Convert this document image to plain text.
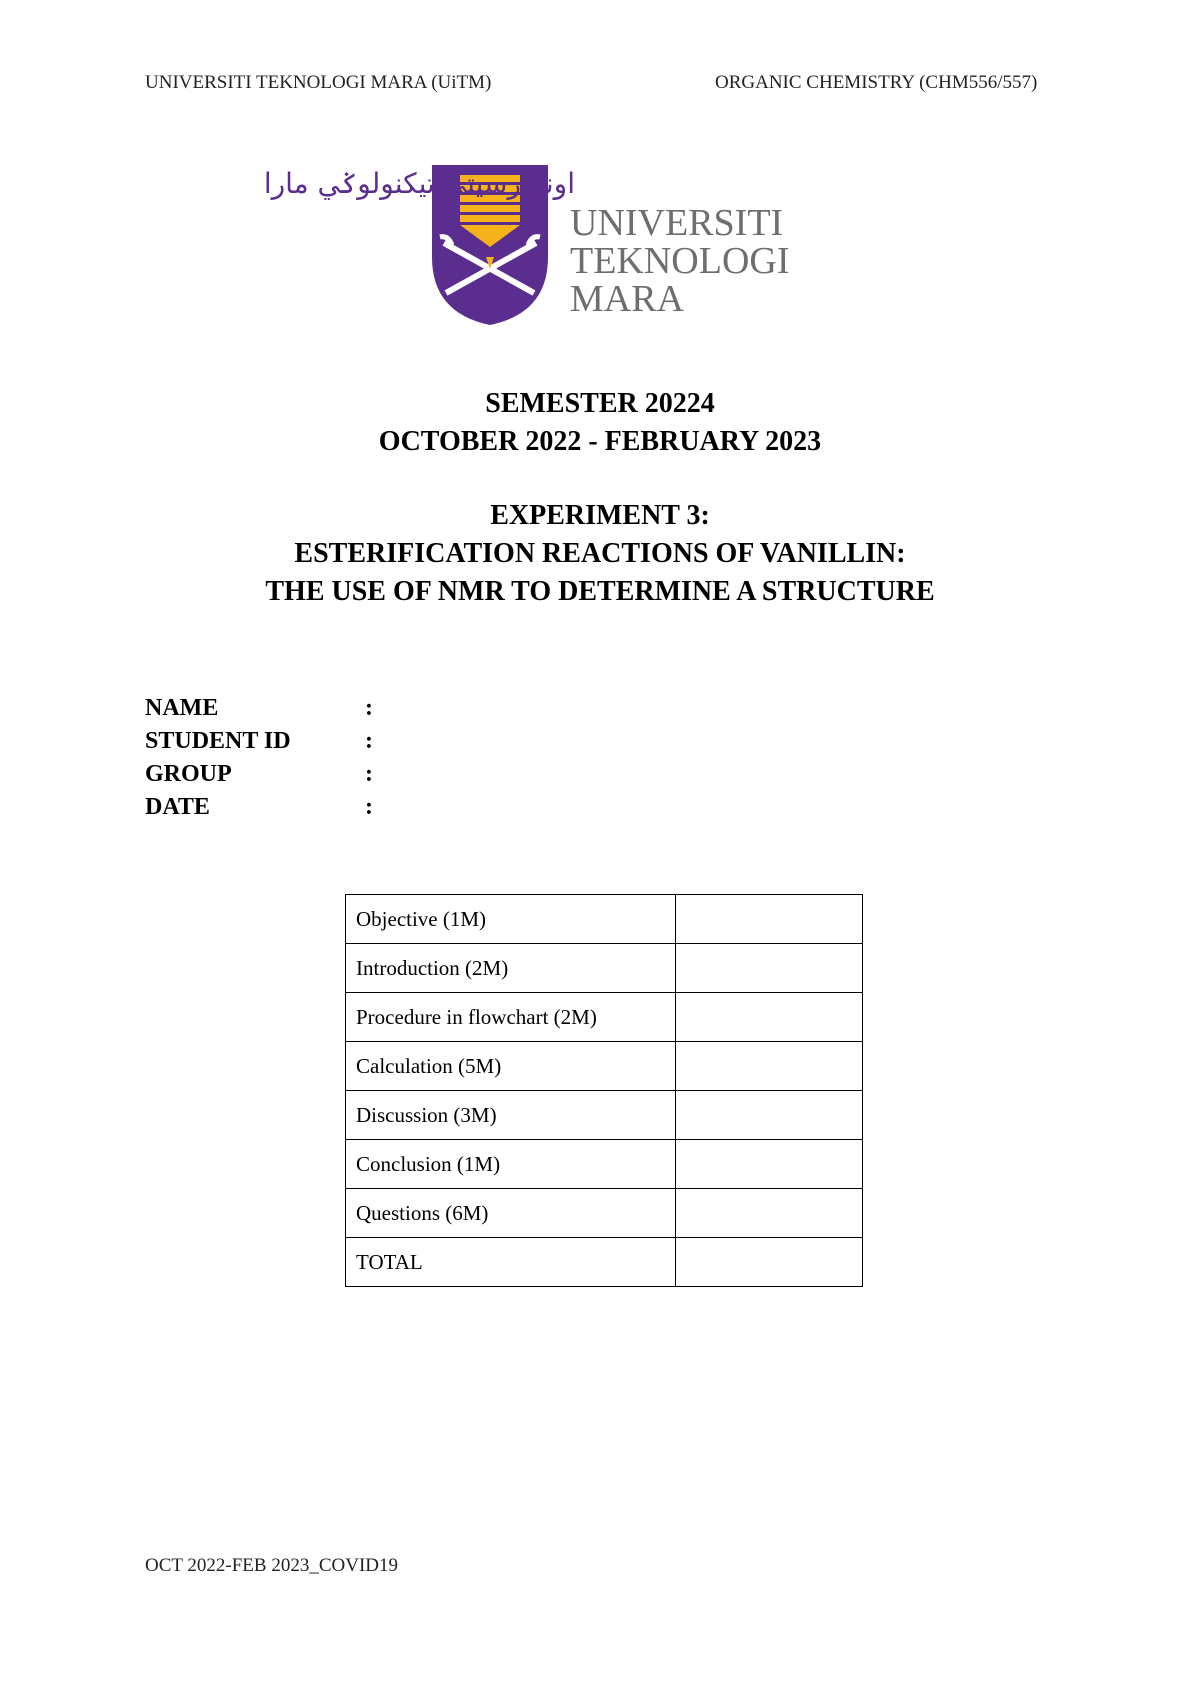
UNIVERSITI TEKNOLOGI MARA (UiTM)	ORGANIC CHEMISTRY (CHM556/557)
اونيۏرسيتي تيكنولوݢي مارا
UNIVERSITI
TEKNOLOGI
MARA
SEMESTER 20224
OCTOBER 2022 - FEBRUARY 2023
EXPERIMENT 3:
ESTERIFICATION REACTIONS OF VANILLIN:
THE USE OF NMR TO DETERMINE A STRUCTURE
NAME	:
STUDENT ID	:
GROUP	:
DATE	:
Objective (1M)	
Introduction (2M)	
Procedure in flowchart (2M)	
Calculation (5M)	
Discussion (3M)	
Conclusion (1M)	
Questions (6M)	
TOTAL	
OCT 2022-FEB 2023_COVID19
